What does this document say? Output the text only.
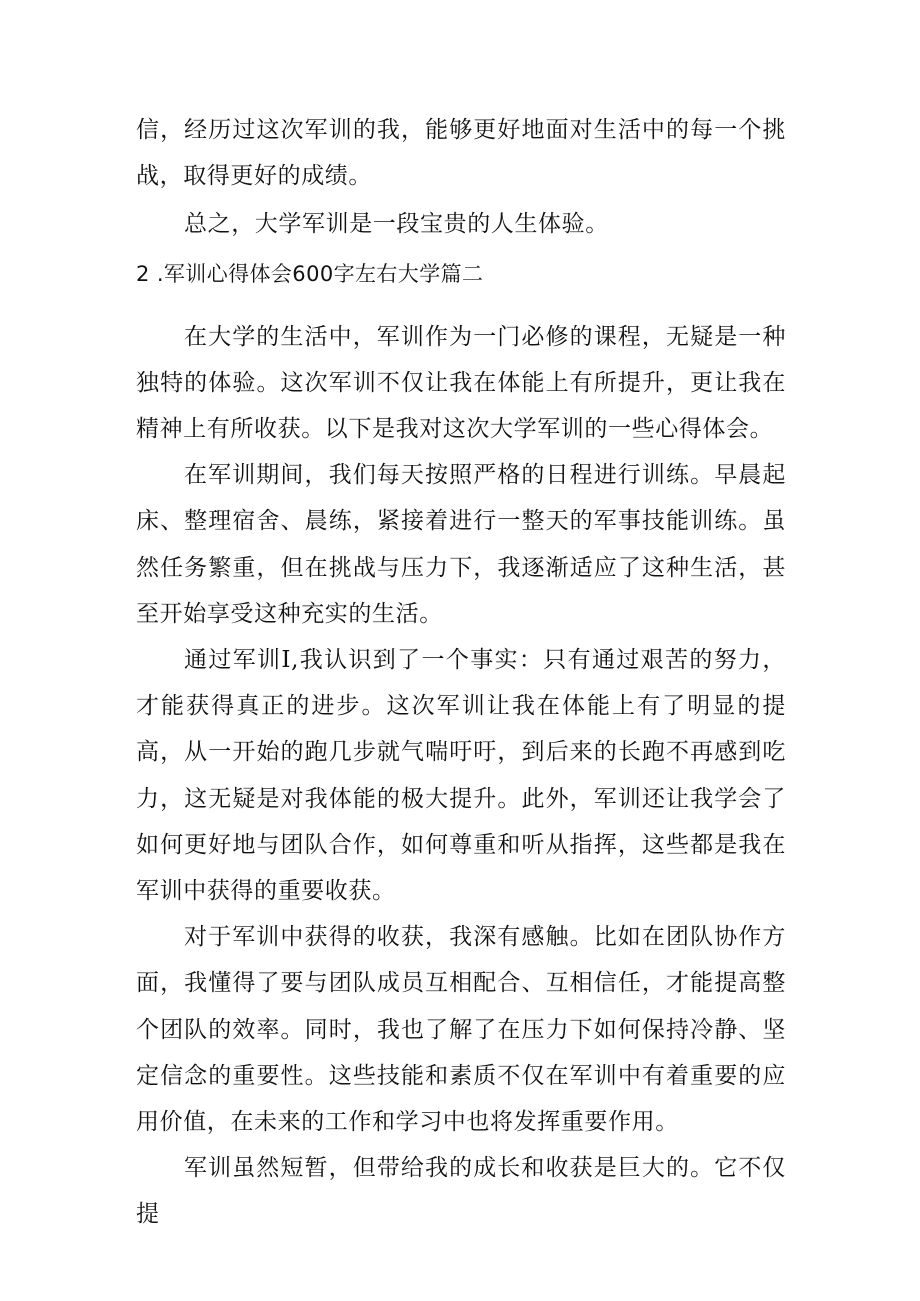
信，经历过这次军训的我，能够更好地面对生活中的每一个挑战，取得更好的成绩。

总之，大学军训是一段宝贵的人生体验。

2 .军训心得体会600字左右大学篇二

在大学的生活中，军训作为一门必修的课程，无疑是一种独特的体验。这次军训不仅让我在体能上有所提升，更让我在精神上有所收获。以下是我对这次大学军训的一些心得体会。

在军训期间，我们每天按照严格的日程进行训练。早晨起床、整理宿舍、晨练，紧接着进行一整天的军事技能训练。虽然任务繁重，但在挑战与压力下，我逐渐适应了这种生活，甚至开始享受这种充实的生活。

通过军训I,我认识到了一个事实：只有通过艰苦的努力，才能获得真正的进步。这次军训让我在体能上有了明显的提高，从一开始的跑几步就气喘吁吁，到后来的长跑不再感到吃力，这无疑是对我体能的极大提升。此外，军训还让我学会了如何更好地与团队合作，如何尊重和听从指挥，这些都是我在军训中获得的重要收获。

对于军训中获得的收获，我深有感触。比如在团队协作方面，我懂得了要与团队成员互相配合、互相信任，才能提高整个团队的效率。同时，我也了解了在压力下如何保持冷静、坚定信念的重要性。这些技能和素质不仅在军训中有着重要的应用价值，在未来的工作和学习中也将发挥重要作用。

军训虽然短暂，但带给我的成长和收获是巨大的。它不仅提
